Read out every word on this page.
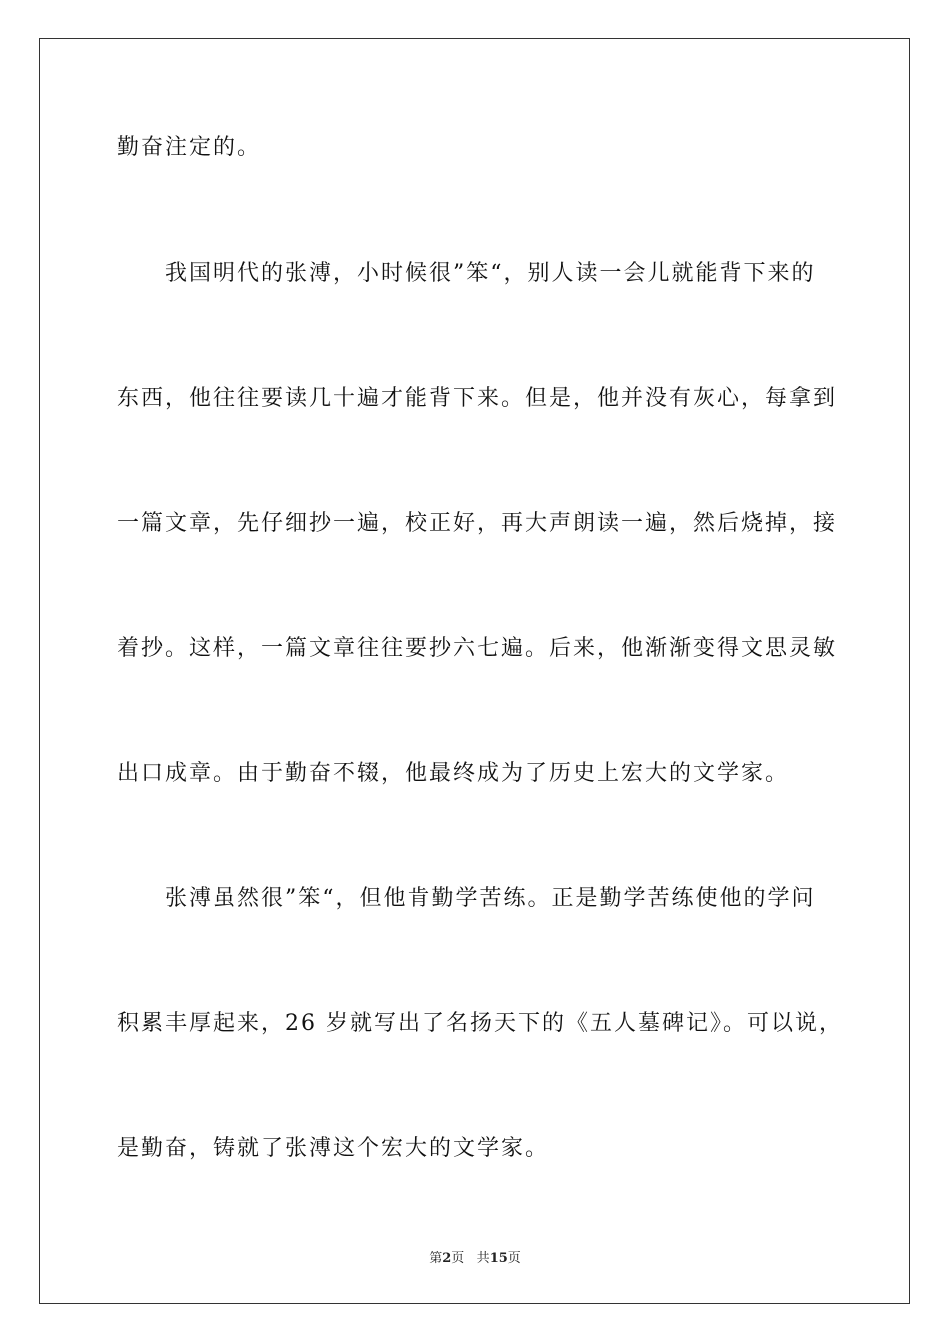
勤奋注定的。
我国明代的张溥，小时候很”笨“，别人读一会儿就能背下来的
东西，他往往要读几十遍才能背下来。但是，他并没有灰心，每拿到
一篇文章，先仔细抄一遍，校正好，再大声朗读一遍，然后烧掉，接
着抄。这样，一篇文章往往要抄六七遍。后来，他渐渐变得文思灵敏
出口成章。由于勤奋不辍，他最终成为了历史上宏大的文学家。
张溥虽然很”笨“，但他肯勤学苦练。正是勤学苦练使他的学问
积累丰厚起来，26 岁就写出了名扬天下的《五人墓碑记》。可以说，
是勤奋，铸就了张溥这个宏大的文学家。
第2页 共15页
